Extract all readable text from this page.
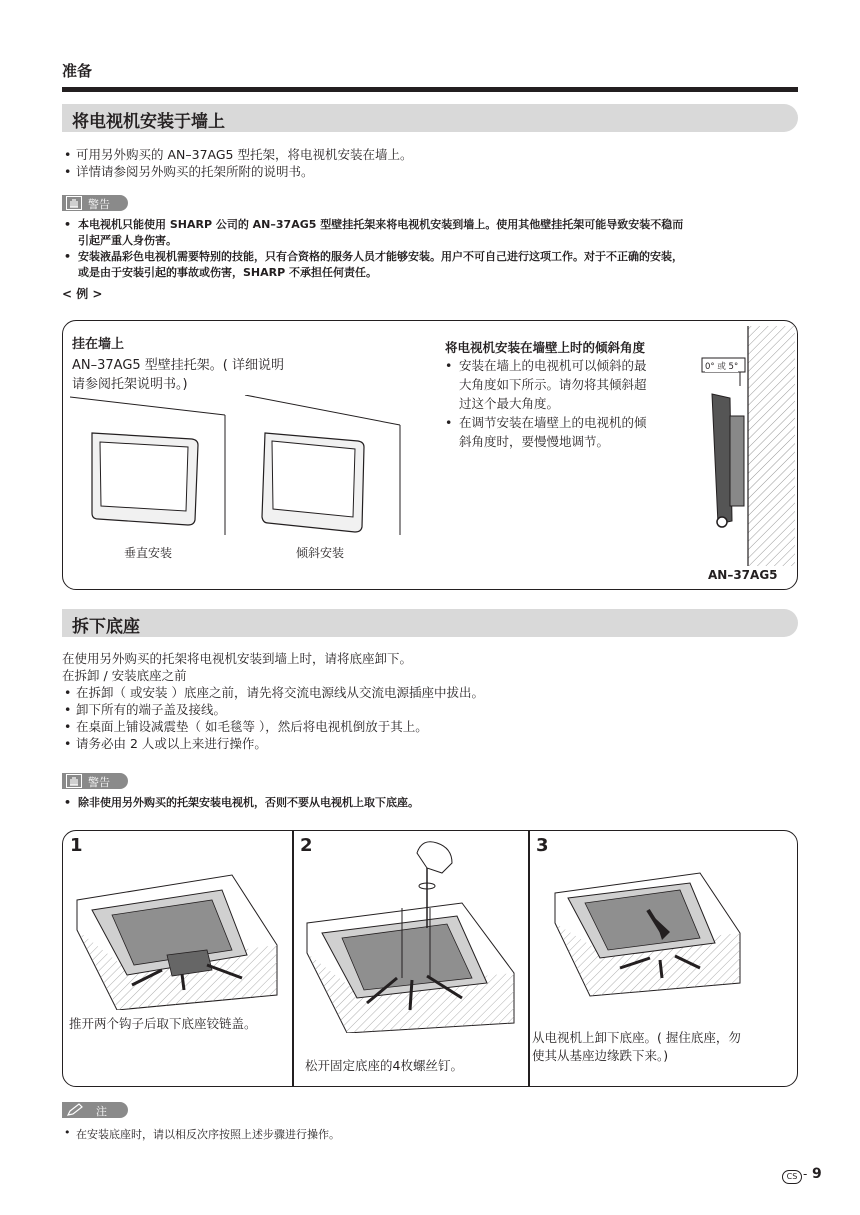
准备
将电视机安装于墙上
• 可用另外购买的 AN–37AG5 型托架，将电视机安装在墙上。
• 详情请参阅另外购买的托架所附的说明书。
警告
• 本电视机只能使用 SHARP 公司的 AN–37AG5 型壁挂托架来将电视机安装到墙上。使用其他壁挂托架可能导致安装不稳而
引起严重人身伤害。
• 安装液晶彩色电视机需要特别的技能，只有合资格的服务人员才能够安装。用户不可自己进行这项工作。对于不正确的安装，
或是由于安装引起的事故或伤害，SHARP 不承担任何责任。
< 例 >
挂在墙上
AN–37AG5 型壁挂托架。( 详细说明
请参阅托架说明书。)
垂直安装	倾斜安装
将电视机安装在墙壁上时的倾斜角度
• 安装在墙上的电视机可以倾斜的最
大角度如下所示。请勿将其倾斜超
过这个最大角度。
• 在调节安装在墙壁上的电视机的倾
斜角度时，要慢慢地调节。
0° 或 5°
AN–37AG5
拆下底座
在使用另外购买的托架将电视机安装到墙上时，请将底座卸下。
在拆卸 / 安装底座之前
• 在拆卸（ 或安装 ）底座之前，请先将交流电源线从交流电源插座中拔出。
• 卸下所有的端子盖及接线。
• 在桌面上铺设减震垫（ 如毛毯等 ），然后将电视机倒放于其上。
• 请务必由 2 人或以上来进行操作。
警告
• 除非使用另外购买的托架安装电视机，否则不要从电视机上取下底座。
1
推开两个钩子后取下底座铰链盖。
2
松开固定底座的4枚螺丝钉。
3
从电视机上卸下底座。( 握住底座，勿
使其从基座边缘跌下来。)
注
• 在安装底座时，请以相反次序按照上述步骤进行操作。
CS - 9
